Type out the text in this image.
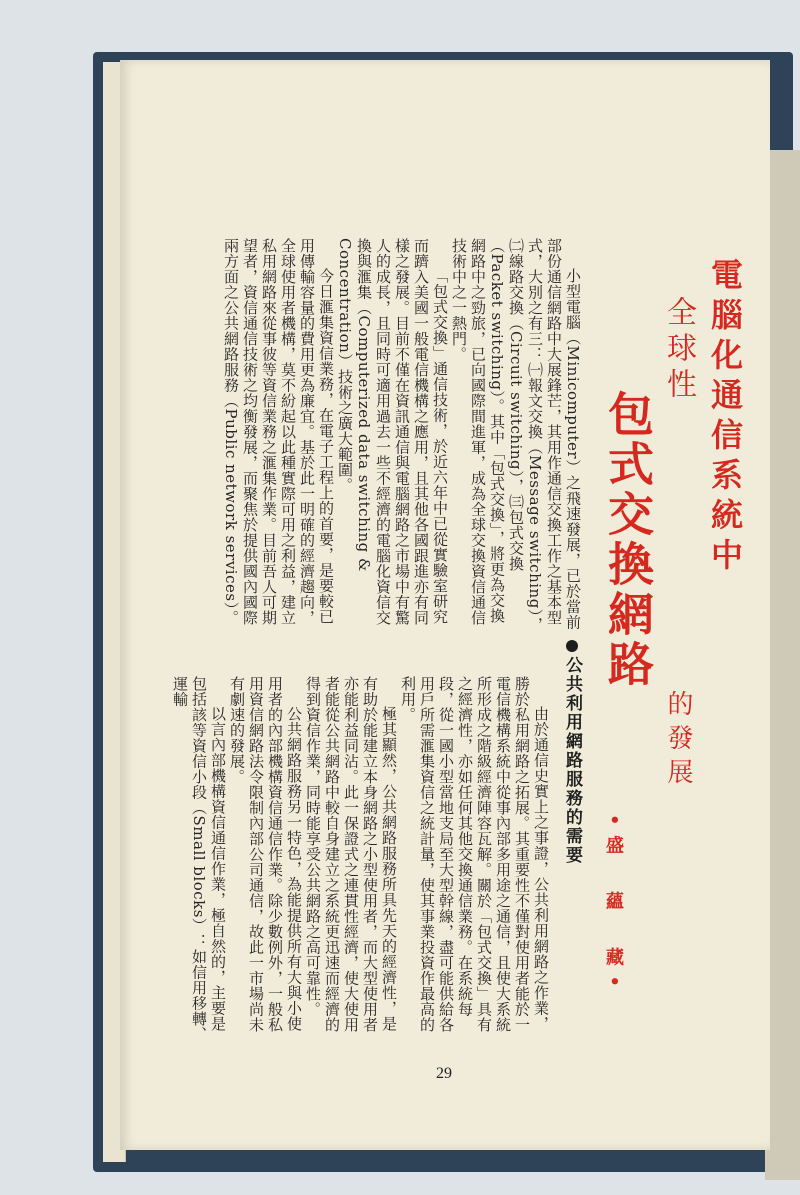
電腦化通信系統中
全球性
包式交換網路
的發展
•盛　蘊　藏•

小型電腦（Minicomputer）之飛速發展，已於當前部份通信網路中大展鋒芒，其用作通信交換工作之基本型式，大別之有三：㈠報文交換（Message switching），㈡線路交換（Circuit switching），㈢包式交換（Packet switching）。其中「包式交換」，將更為交換網路中之勁旅，已向國際間進軍，成為全球交換資信通信技術中之一熱門。

「包式交換」通信技術，於近六年中已從實驗室研究而躋入美國一般電信機構之應用，且其他各國跟進亦有同樣之發展。目前不僅在資訊通信與電腦網路之市場中有驚人的成長，且同時可適用過去一些不經濟的電腦化資信交換與滙集（Computerized data switching & Concentration）技術之廣大範圍。

今日滙集資信業務，在電子工程上的首要，是要較已用傳輸容量的費用更為廉宜。基於此一明確的經濟趨向，全球使用者機構，莫不紛起以此種實際可用之利益，建立私用網路來從事彼等資信業務之滙集作業。目前吾人可期望者，資信通信技術之均衡發展，而聚焦於提供國內國際兩方面之公共網路服務（Public network services）。

公共利用網路服務的需要

由於通信史實上之事證，公共利用網路之作業，勝於私用網路之拓展。其重要性不僅對使用者能於一電信機構系統中從事內部多用途之通信，且使大系統所形成之階級經濟陣容瓦解。關於「包式交換」具有之經濟性，亦如任何其他交換通信業務。在系統每段，從一國小型當地支局至大型幹線，盡可能供給各用戶所需滙集資信之統計量，使其事業投資作最高的利用。

極其顯然，公共網路服務所具先天的經濟性，是有助於能建立本身網路之小型使用者，而大型使用者亦能利益同沾。此一保證式之連貫性經濟，使大使用者能從公共網路中較自身建立之系統更迅速而經濟的得到資信作業，同時能享受公共網路之高可靠性。

公共網路服務另一特色，為能提供所有大與小使用者的內部機構資信通信作業。除少數例外，一般私用資信網路法令限制內部公司通信，故此一市場尚未有劇速的發展。

以言內部機構資信通信作業，極自然的，主要是包括該等資信小段（Small blocks）：如信用移轉、運輸

29
